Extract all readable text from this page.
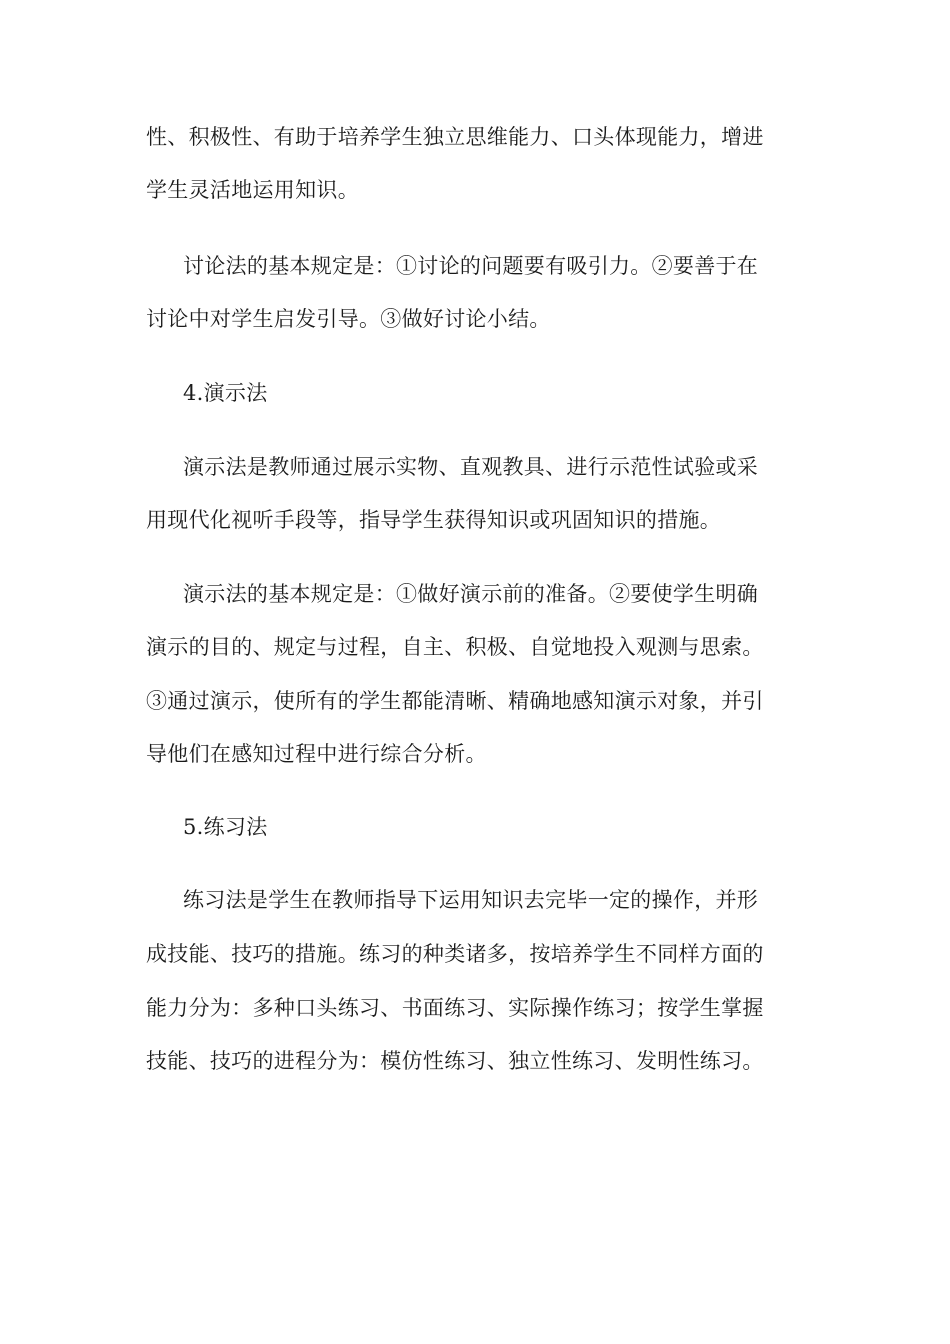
性、积极性、有助于培养学生独立思维能力、口头体现能力，增进
学生灵活地运用知识。
讨论法的基本规定是：①讨论的问题要有吸引力。②要善于在
讨论中对学生启发引导。③做好讨论小结。
4.演示法
演示法是教师通过展示实物、直观教具、进行示范性试验或采
用现代化视听手段等，指导学生获得知识或巩固知识的措施。
演示法的基本规定是：①做好演示前的准备。②要使学生明确
演示的目的、规定与过程，自主、积极、自觉地投入观测与思索。
③通过演示，使所有的学生都能清晰、精确地感知演示对象，并引
导他们在感知过程中进行综合分析。
5.练习法
练习法是学生在教师指导下运用知识去完毕一定的操作，并形
成技能、技巧的措施。练习的种类诸多，按培养学生不同样方面的
能力分为：多种口头练习、书面练习、实际操作练习；按学生掌握
技能、技巧的进程分为：模仿性练习、独立性练习、发明性练习。
